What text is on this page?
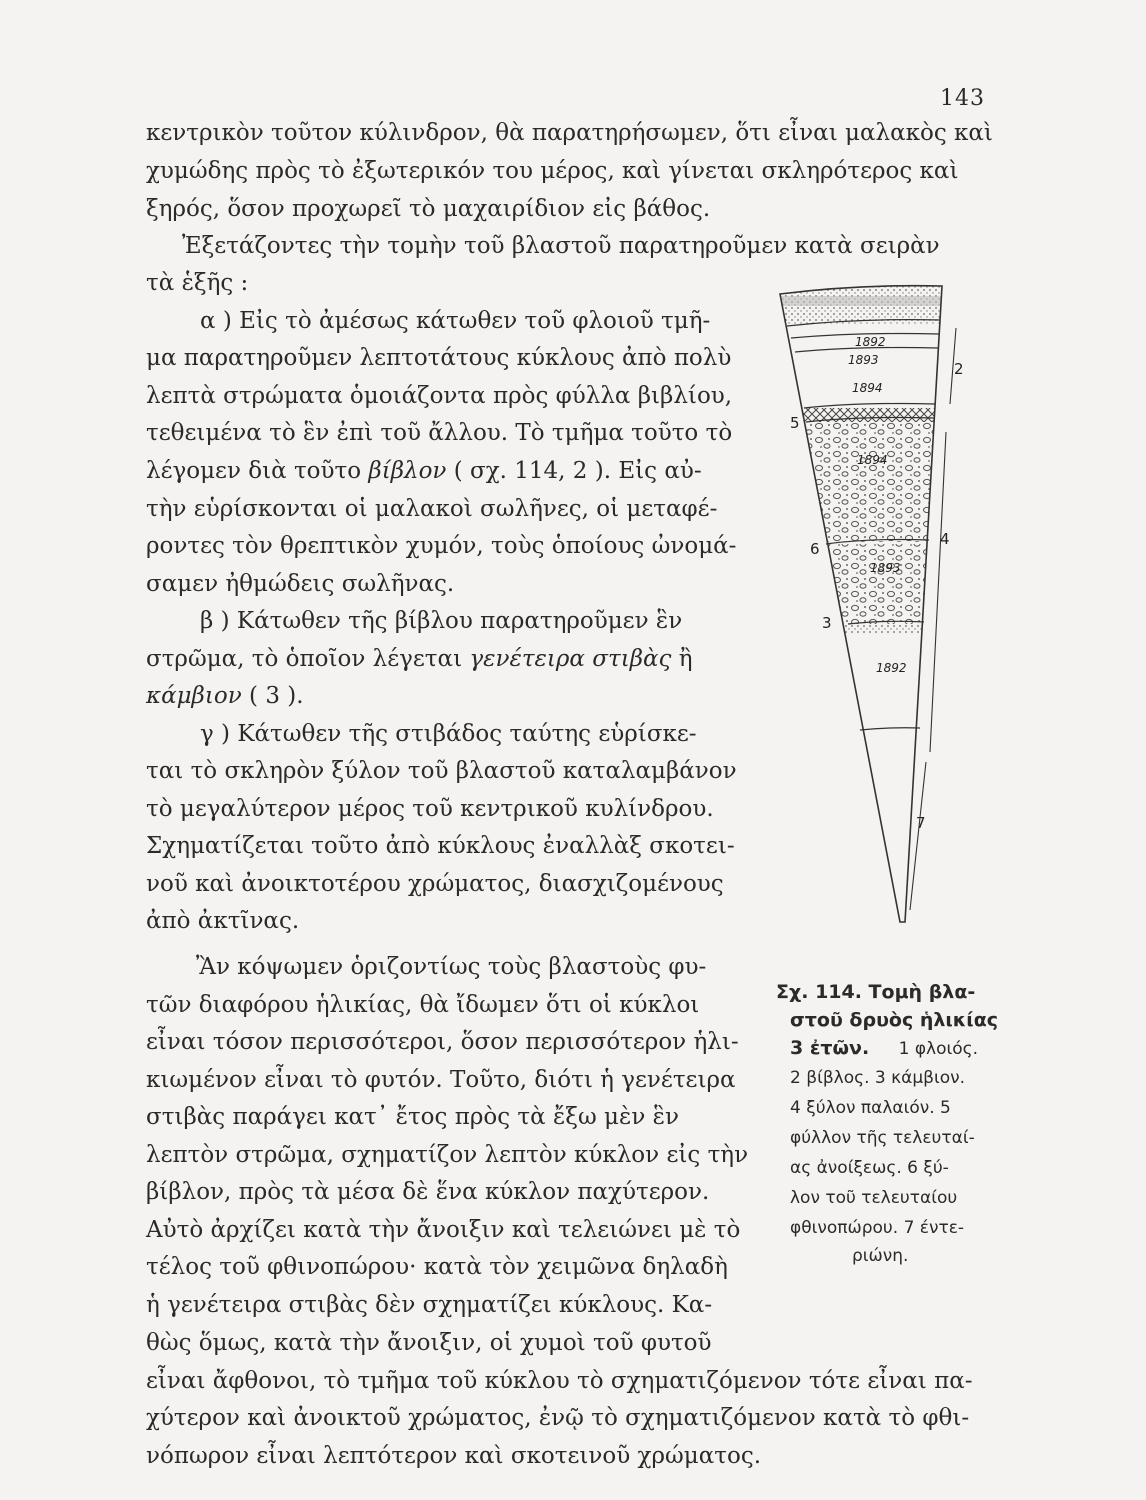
143
κεντρικὸν τοῦτον κύλινδρον, θὰ παρατηρήσωμεν, ὅτι εἶναι μαλακὸς καὶ
χυμώδης πρὸς τὸ ἐξωτερικόν του μέρος, καὶ γίνεται σκληρότερος καὶ
ξηρός, ὅσον προχωρεῖ τὸ μαχαιρίδιον εἰς βάθος.
Ἐξετάζοντες τὴν τομὴν τοῦ βλαστοῦ παρατηροῦμεν κατὰ σειρὰν
τὰ ἑξῆς :
α ) Εἰς τὸ ἀμέσως κάτωθεν τοῦ φλοιοῦ τμῆ-
μα παρατηροῦμεν λεπτοτάτους κύκλους ἀπὸ πολὺ
λεπτὰ στρώματα ὁμοιάζοντα πρὸς φύλλα βιβλίου,
τεθειμένα τὸ ἓν ἐπὶ τοῦ ἄλλου. Τὸ τμῆμα τοῦτο τὸ
λέγομεν διὰ τοῦτο βίβλον ( σχ. 114, 2 ). Εἰς αὐ-
τὴν εὑρίσκονται οἱ μαλακοὶ σωλῆνες, οἱ μεταφέ-
ροντες τὸν θρεπτικὸν χυμόν, τοὺς ὁποίους ὠνομά-
σαμεν ἠθμώδεις σωλῆνας.
β ) Κάτωθεν τῆς βίβλου παρατηροῦμεν ἓν
στρῶμα, τὸ ὁποῖον λέγεται γενέτειρα στιβὰς ἢ
κάμβιον ( 3 ).
γ ) Κάτωθεν τῆς στιβάδος ταύτης εὑρίσκε-
ται τὸ σκληρὸν ξύλον τοῦ βλαστοῦ καταλαμβάνον
τὸ μεγαλύτερον μέρος τοῦ κεντρικοῦ κυλίνδρου.
Σχηματίζεται τοῦτο ἀπὸ κύκλους ἐναλλὰξ σκοτει-
νοῦ καὶ ἀνοικτοτέρου χρώματος, διασχιζομένους
ἀπὸ ἀκτῖνας.
Ἂν κόψωμεν ὁριζοντίως τοὺς βλαστοὺς φυ-
τῶν διαφόρου ἡλικίας, θὰ ἴδωμεν ὅτι οἱ κύκλοι
εἶναι τόσον περισσότεροι, ὅσον περισσότερον ἡλι-
κιωμένον εἶναι τὸ φυτόν. Τοῦτο, διότι ἡ γενέτειρα
στιβὰς παράγει κατ᾽ ἔτος πρὸς τὰ ἔξω μὲν ἓν
λεπτὸν στρῶμα, σχηματίζον λεπτὸν κύκλον εἰς τὴν
βίβλον, πρὸς τὰ μέσα δὲ ἕνα κύκλον παχύτερον.
Αὐτὸ ἀρχίζει κατὰ τὴν ἄνοιξιν καὶ τελειώνει μὲ τὸ
τέλος τοῦ φθινοπώρου· κατὰ τὸν χειμῶνα δηλαδὴ
ἡ γενέτειρα στιβὰς δὲν σχηματίζει κύκλους. Κα-
θὼς ὅμως, κατὰ τὴν ἄνοιξιν, οἱ χυμοὶ τοῦ φυτοῦ
εἶναι ἄφθονοι, τὸ τμῆμα τοῦ κύκλου τὸ σχηματιζόμενον τότε εἶναι πα-
χύτερον καὶ ἀνοικτοῦ χρώματος, ἐνῷ τὸ σχηματιζόμενον κατὰ τὸ φθι-
νόπωρον εἶναι λεπτότερον καὶ σκοτεινοῦ χρώματος.
1892
1893
1894
1894
1893
1892
2
5
4
6
3
7
Σχ. 114. Τομὴ βλα-
στοῦ δρυὸς ἡλικίας
3 ἐτῶν. 1 φλοιός.
2 βίβλος. 3 κάμβιον.
4 ξύλον παλαιόν. 5
φύλλον τῆς τελευταί-
ας ἀνοίξεως. 6 ξύ-
λον τοῦ τελευταίου
φθινοπώρου. 7 έντε-
ριώνη.
